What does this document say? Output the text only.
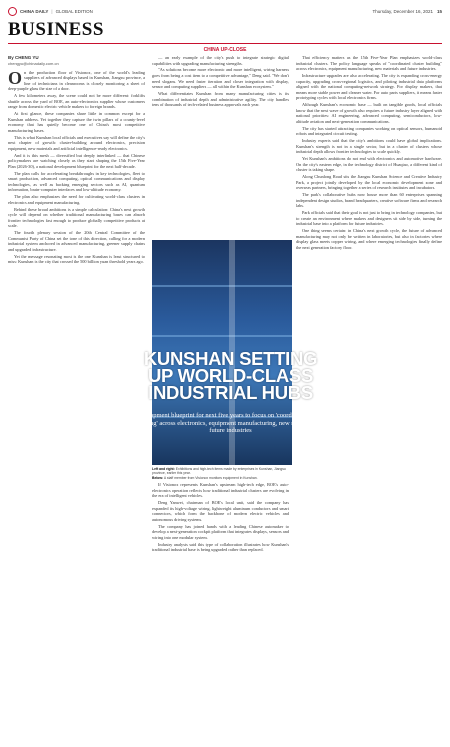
CHINA DAILY | GLOBAL EDITION	Thursday, December 16, 2021 15
BUSINESS
CHINA UP-CLOSE
By CHENG YU
chengyu@chinadaily.com.cn

On the production floor of Visionox, one of the world's leading suppliers of advanced displays based in Kunshan, Jiangsu province, a line of technicians in cleanrooms is closely monitoring a sheet of deep-purple glass the size of a door.

A few kilometers away, the scene could not be more different: forklifts shuttle across the yard of BOE, an auto-electronics supplier whose customers range from domestic electric vehicle makers to foreign brands.

At first glance, these companies share little in common except for a Kunshan address. Yet together they capture the twin pillars of a county-level economy that has quietly become one of China's most competitive manufacturing bases.

This is what Kunshan local officials and executives say will define the city's next chapter of growth: cluster-building around electronics, precision equipment, new materials and artificial intelligence-ready electronics.

And it is this mesh — diversified but deeply interlinked — that Chinese policymakers are watching closely as they start shaping the 15th Five-Year Plan (2026-30), a national development blueprint for the next half-decade.

The plan calls for accelerating breakthroughs in key technologies, fleet to smart production, advanced computing, optical communications and display technologies, as well as backing emerging sectors such as AI, quantum information, brain-computer interfaces and low-altitude economy.

The plan also emphasizes the need for cultivating world-class clusters in electronics and equipment manufacturing.

Behind these broad ambitions is a simple calculation: China's next growth cycle will depend on whether traditional manufacturing bases can absorb frontier technologies fast enough to produce globally competitive products at scale.

The fourth plenary session of the 20th Central Committee of the Communist Party of China set the tone of this direction, calling for a modern industrial system anchored in advanced manufacturing, greener supply chains and upgraded infrastructure.

Yet the message resonating most is the one Kunshan is least structured to miss: Kunshan is the city that crossed the 500 billion yuan threshold years ago.

— an early example of the city's push to integrate strategic digital capabilities with upgrading manufacturing strengths.

"As solutions become more electronic and more intelligent, wiring harness goes from being a cost item to a competitive advantage," Deng said. "We don't need slogans. We need faster iteration and closer integration with display, sensor and computing suppliers — all within the Kunshan ecosystem."

What differentiates Kunshan from many manufacturing cities is its combination of industrial depth and administrative agility. The city handles tens of thousands of tech-related business approvals each year.

KUNSHAN SETTING UP WORLD-CLASS INDUSTRIAL HUBS
Development blueprint for next five years to focus on 'coordinated cluster building' across electronics, equipment manufacturing, new materials and future industries
Left and right: Exhibitions and high-tech items made by enterprises in Kunshan, Jiangsu province, earlier this year.
Below: A staff member from Visionox monitors equipment in Kunshan.

If Visionox represents Kunshan's upstream high-tech edge, BOE's auto-electronics operation reflects how traditional industrial clusters are evolving in the era of intelligent vehicles.

Deng Yanwei, chairman of BOE's local unit, said the company has expanded its high-voltage wiring, lightweight aluminum conductors and smart connectors, which form the backbone of modern electric vehicles and autonomous driving systems.

The company has joined hands with a leading Chinese automaker to develop a next-generation cockpit platform that integrates displays, sensors and wiring into one modular system.

Industry analysts said this type of collaboration illustrates how Kunshan's traditional industrial base is being upgraded rather than replaced.

That efficiency matters as the 15th Five-Year Plan emphasizes world-class industrial clusters. The policy language speaks of "coordinated cluster building" across electronics, equipment manufacturing, new materials and future industries.

Infrastructure upgrades are also accelerating. The city is expanding cross-energy capacity, upgrading cross-regional logistics, and piloting industrial data platforms aligned with the national computing-network strategy. For display makers, that means more stable power and cleaner water. For auto parts suppliers, it means faster prototyping cycles with local electronics firms.

Although Kunshan's economic base — built on tangible goods, local officials know that the next wave of growth also requires a future industry layer aligned with national priorities: AI engineering, advanced computing, semiconductors, low-altitude aviation and next-generation communications.

The city has started attracting companies working on optical sensors, humanoid robots and integrated circuit testing.

Industry experts said that the city's ambitions could have global implications. Kunshan's strength is not in a single sector, but in a cluster of clusters whose industrial depth allows frontier technologies to scale quickly.

Yet Kunshan's ambitions do not end with electronics and automotive hardware. On the city's eastern edge, in the technology district of Huaqiao, a different kind of cluster is taking shape.

Along Chunlong Road sits the Jiangsu Kunshan Science and Creative Industry Park, a project jointly developed by the local economic development zone and overseas partners, bringing together a series of research institutes and incubators.

The park's collaborative hubs now house more than 60 enterprises spanning independent design studios, brand headquarters, creative software firms and research labs.

Park officials said that their goal is not just to bring in technology companies, but to create an environment where makers and designers sit side by side, turning the industrial base into a platform for future industries.

One thing seems certain: in China's next growth cycle, the future of advanced manufacturing may not only be written in laboratories, but also in factories where display glass meets copper wiring, and where emerging technologies finally define the next generation factory floor.
